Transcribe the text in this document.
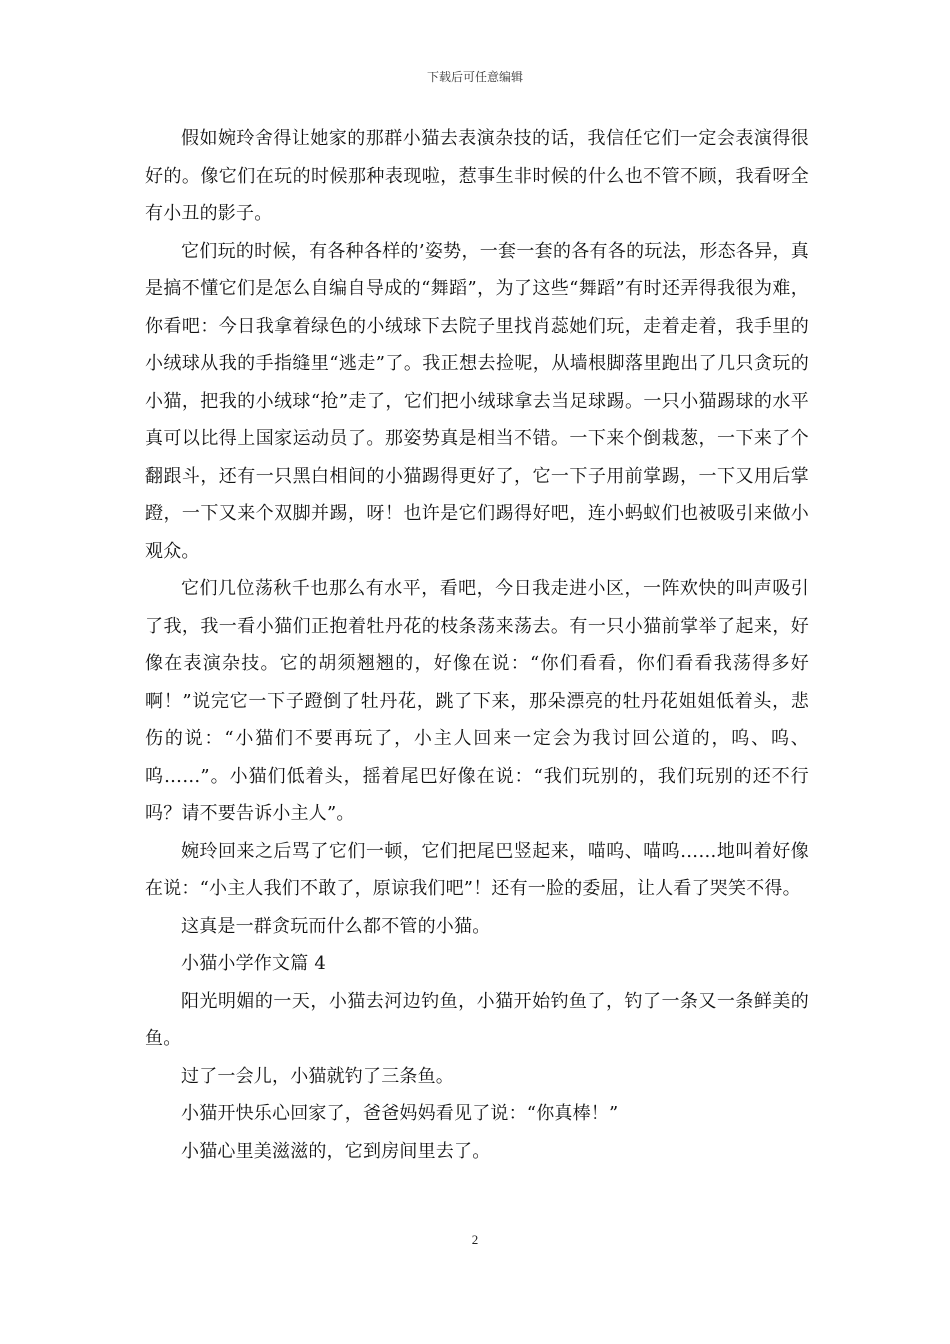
下载后可任意编辑

假如婉玲舍得让她家的那群小猫去表演杂技的话，我信任它们一定会表演得很好的。像它们在玩的时候那种表现啦，惹事生非时候的什么也不管不顾，我看呀全有小丑的影子。

它们玩的时候，有各种各样的’姿势，一套一套的各有各的玩法，形态各异，真是搞不懂它们是怎么自编自导成的“舞蹈”，为了这些“舞蹈”有时还弄得我很为难，你看吧：今日我拿着绿色的小绒球下去院子里找肖蕊她们玩，走着走着，我手里的小绒球从我的手指缝里“逃走”了。我正想去捡呢，从墙根脚落里跑出了几只贪玩的小猫，把我的小绒球“抢”走了，它们把小绒球拿去当足球踢。一只小猫踢球的水平真可以比得上国家运动员了。那姿势真是相当不错。一下来个倒栽葱，一下来了个翻跟斗，还有一只黑白相间的小猫踢得更好了，它一下子用前掌踢，一下又用后掌蹬，一下又来个双脚并踢，呀！也许是它们踢得好吧，连小蚂蚁们也被吸引来做小观众。

它们几位荡秋千也那么有水平，看吧，今日我走进小区，一阵欢快的叫声吸引了我，我一看小猫们正抱着牡丹花的枝条荡来荡去。有一只小猫前掌举了起来，好像在表演杂技。它的胡须翘翘的，好像在说：“你们看看，你们看看我荡得多好啊！”说完它一下子蹬倒了牡丹花，跳了下来，那朵漂亮的牡丹花姐姐低着头，悲伤的说：“小猫们不要再玩了，小主人回来一定会为我讨回公道的，呜、呜、呜……”。小猫们低着头，摇着尾巴好像在说：“我们玩别的，我们玩别的还不行吗？请不要告诉小主人”。

婉玲回来之后骂了它们一顿，它们把尾巴竖起来，喵呜、喵呜……地叫着好像在说：“小主人我们不敢了，原谅我们吧”！还有一脸的委屈，让人看了哭笑不得。

这真是一群贪玩而什么都不管的小猫。

小猫小学作文篇 4

阳光明媚的一天，小猫去河边钓鱼，小猫开始钓鱼了，钓了一条又一条鲜美的鱼。

过了一会儿，小猫就钓了三条鱼。

小猫开快乐心回家了，爸爸妈妈看见了说：“你真棒！”

小猫心里美滋滋的，它到房间里去了。

2
